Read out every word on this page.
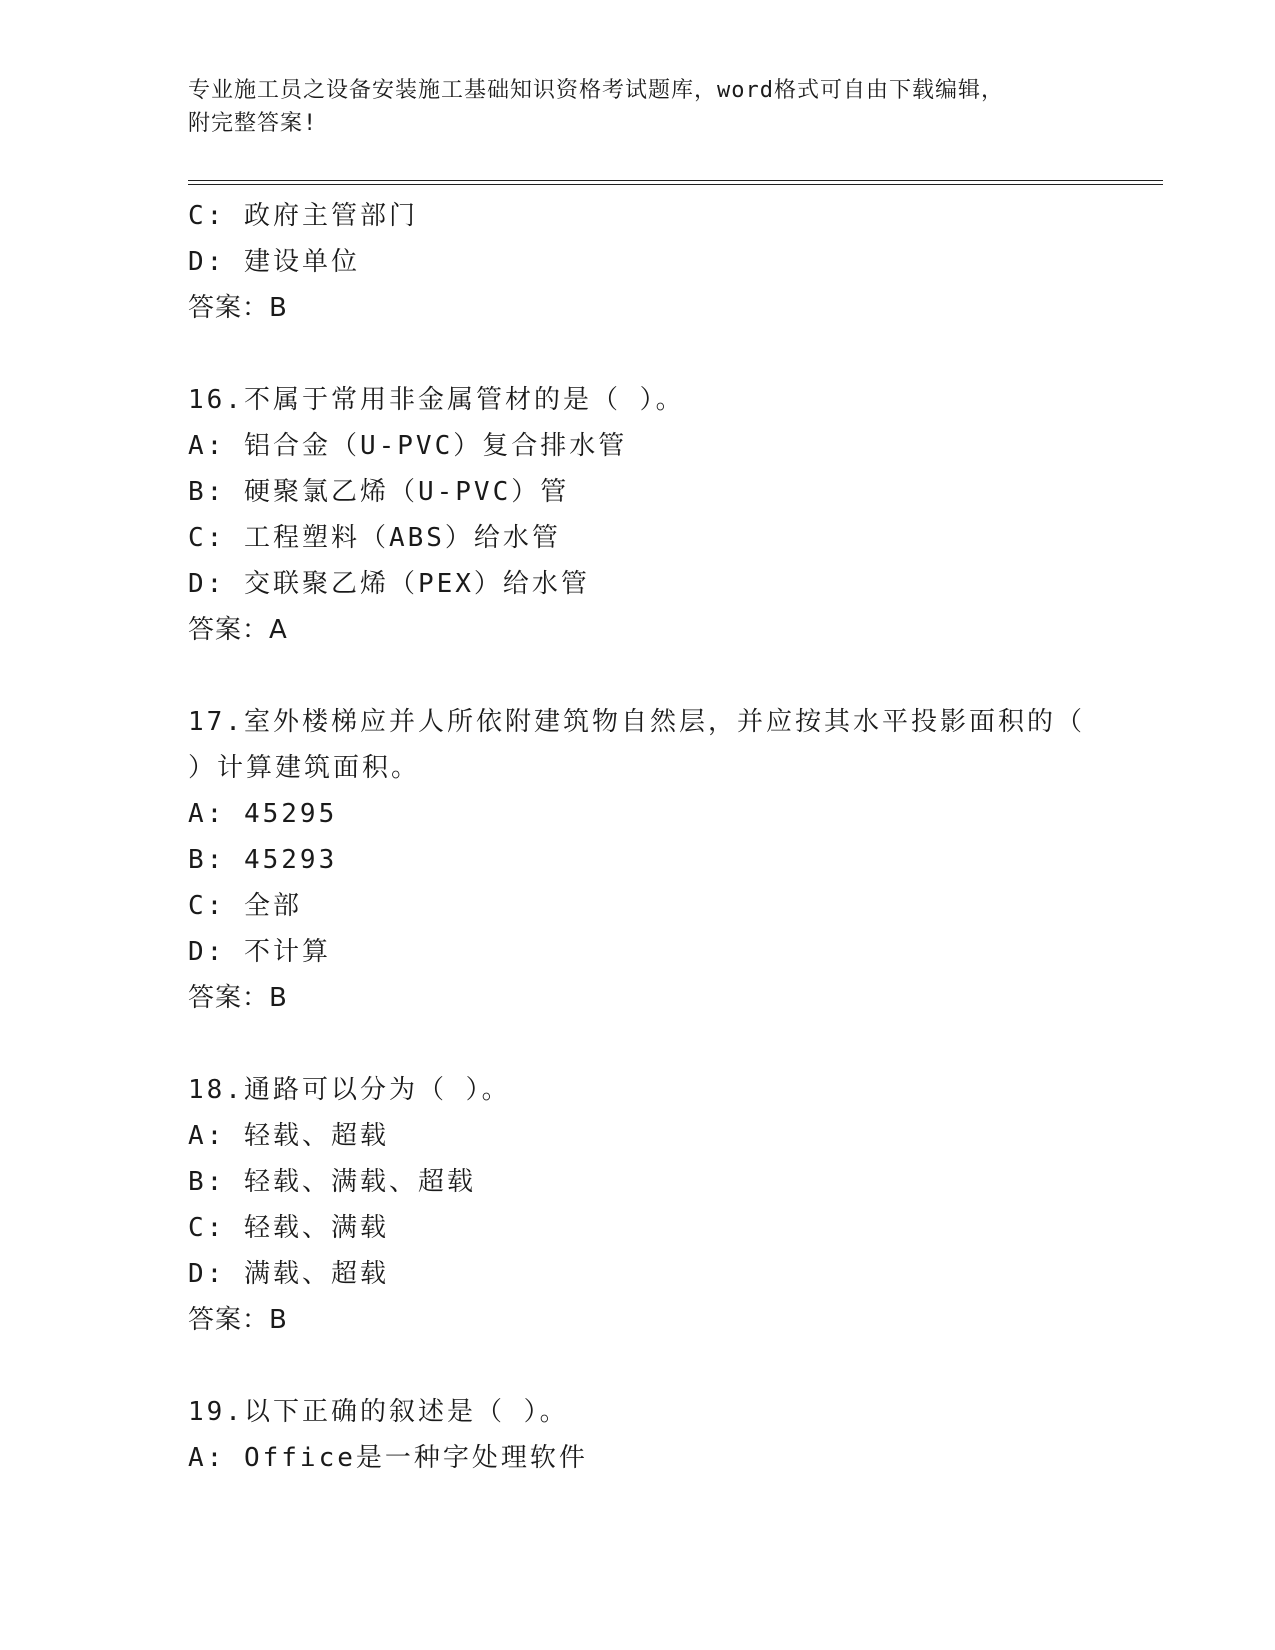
专业施工员之设备安装施工基础知识资格考试题库，word格式可自由下载编辑，
附完整答案!
C: 政府主管部门
D: 建设单位
答案：B
16.不属于常用非金属管材的是（ ）。
A: 铝合金（U-PVC）复合排水管
B: 硬聚氯乙烯（U-PVC）管
C: 工程塑料（ABS）给水管
D: 交联聚乙烯（PEX）给水管
答案：A
17.室外楼梯应并人所依附建筑物自然层，并应按其水平投影面积的（
）计算建筑面积。
A: 45295
B: 45293
C: 全部
D: 不计算
答案：B
18.通路可以分为（ ）。
A: 轻载、超载
B: 轻载、满载、超载
C: 轻载、满载
D: 满载、超载
答案：B
19.以下正确的叙述是（ ）。
A: Office是一种字处理软件
